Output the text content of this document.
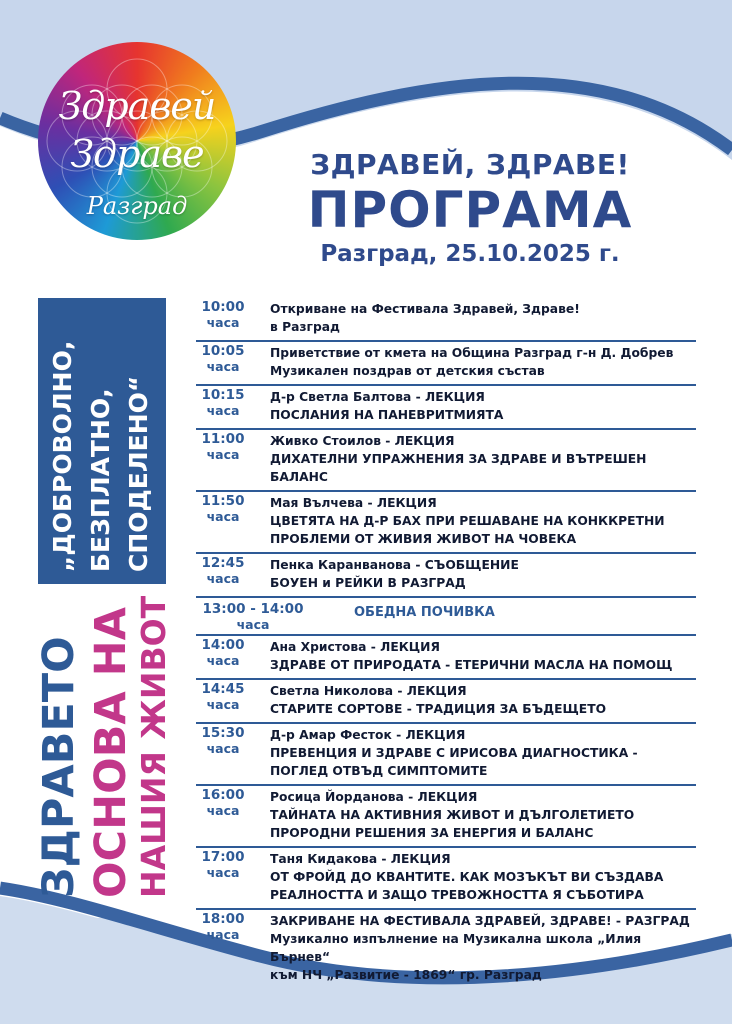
Здравей
Здраве
Разград
ЗДРАВЕЙ, ЗДРАВЕ!
ПРОГРАМА
Разград, 25.10.2025 г.
„ДОБРОВОЛНО, БЕЗПЛАТНО, СПОДЕЛЕНО“
ЗДРАВЕТО ОСНОВА НА
НАШИЯ ЖИВОТ
10:00
часа
Откриване на Фестивала Здравей, Здраве!
в Разград
10:05
часа
Приветствие от кмета на Община Разград г-н Д. Добрев
Музикален поздрав от детския състав
10:15
часа
Д-р Светла Балтова - ЛЕКЦИЯ
ПОСЛАНИЯ НА ПАНЕВРИТМИЯТА
11:00
часа
Живко Стоилов - ЛЕКЦИЯ
ДИХАТЕЛНИ УПРАЖНЕНИЯ ЗА ЗДРАВЕ И ВЪТРЕШЕН БАЛАНС
11:50
часа
Мая Вълчева - ЛЕКЦИЯ
ЦВЕТЯТА НА Д-Р БАХ ПРИ РЕШАВАНЕ НА КОНККРЕТНИ
ПРОБЛЕМИ ОТ ЖИВИЯ ЖИВОТ НА ЧОВЕКА
12:45
часа
Пенка Каранванова - СЪОБЩЕНИЕ
БОУЕН и РЕЙКИ В РАЗГРАД
13:00 - 14:00
часа
ОБЕДНА ПОЧИВКА
14:00
часа
Ана Христова - ЛЕКЦИЯ
ЗДРАВЕ ОТ ПРИРОДАТА - ЕТЕРИЧНИ МАСЛА НА ПОМОЩ
14:45
часа
Светла Николова - ЛЕКЦИЯ
СТАРИТЕ СОРТОВЕ - ТРАДИЦИЯ ЗА БЪДЕЩЕТО
15:30
часа
Д-р Амар Фесток - ЛЕКЦИЯ
ПРЕВЕНЦИЯ И ЗДРАВЕ С ИРИСОВА ДИАГНОСТИКА -
ПОГЛЕД ОТВЪД СИМПТОМИТЕ
16:00
часа
Росица Йорданова - ЛЕКЦИЯ
ТАЙНАТА НА АКТИВНИЯ ЖИВОТ И ДЪЛГОЛЕТИЕТО
ПРОРОДНИ РЕШЕНИЯ ЗА ЕНЕРГИЯ И БАЛАНС
17:00
часа
Таня Кидакова - ЛЕКЦИЯ
ОТ ФРОЙД ДО КВАНТИТЕ. КАК МОЗЪКЪТ ВИ СЪЗДАВА
РЕАЛНОСТТА И ЗАЩО ТРЕВОЖНОСТТА Я СЪБОТИРА
18:00
часа
ЗАКРИВАНЕ НА ФЕСТИВАЛА ЗДРАВЕЙ, ЗДРАВЕ! - РАЗГРАД
Музикално изпълнение на Музикална школа „Илия Бърнев“
към НЧ „Развитие - 1869“ гр. Разград
